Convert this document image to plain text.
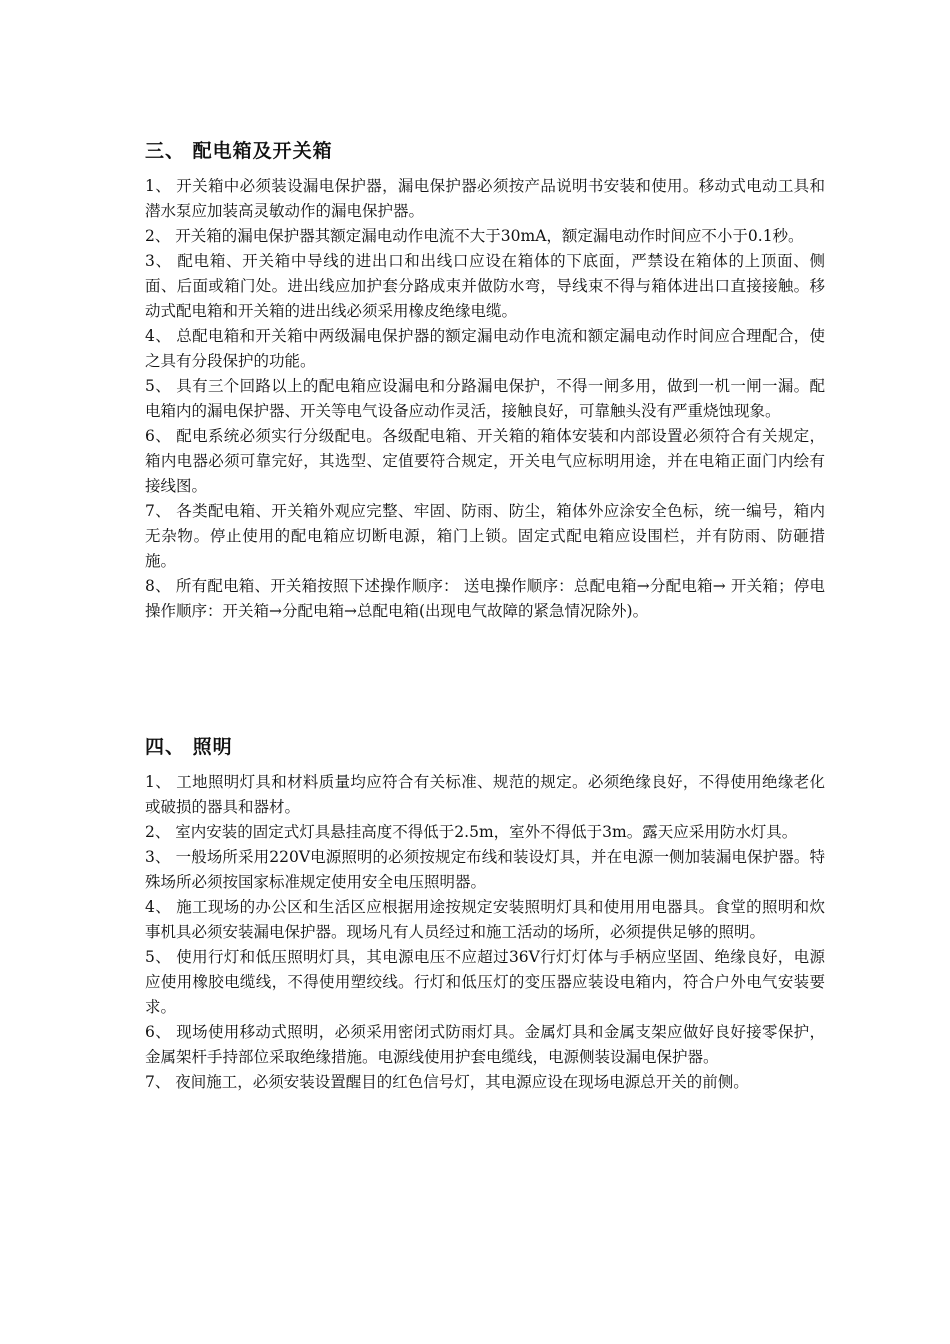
三、 配电箱及开关箱

1、 开关箱中必须装设漏电保护器，漏电保护器必须按产品说明书安装和使用。移动式电动工具和潜水泵应加装高灵敏动作的漏电保护器。

2、 开关箱的漏电保护器其额定漏电动作电流不大于30mA，额定漏电动作时间应不小于0.1秒。

3、 配电箱、开关箱中导线的进出口和出线口应设在箱体的下底面，严禁设在箱体的上顶面、侧面、后面或箱门处。进出线应加护套分路成束并做防水弯，导线束不得与箱体进出口直接接触。移动式配电箱和开关箱的进出线必须采用橡皮绝缘电缆。

4、 总配电箱和开关箱中两级漏电保护器的额定漏电动作电流和额定漏电动作时间应合理配合，使之具有分段保护的功能。

5、 具有三个回路以上的配电箱应设漏电和分路漏电保护，不得一闸多用，做到一机一闸一漏。配电箱内的漏电保护器、开关等电气设备应动作灵活，接触良好，可靠触头没有严重烧蚀现象。

6、 配电系统必须实行分级配电。各级配电箱、开关箱的箱体安装和内部设置必须符合有关规定，箱内电器必须可靠完好，其选型、定值要符合规定，开关电气应标明用途，并在电箱正面门内绘有接线图。

7、 各类配电箱、开关箱外观应完整、牢固、防雨、防尘，箱体外应涂安全色标，统一编号，箱内无杂物。停止使用的配电箱应切断电源，箱门上锁。固定式配电箱应设围栏，并有防雨、防砸措施。

8、 所有配电箱、开关箱按照下述操作顺序： 送电操作顺序：总配电箱→分配电箱→ 开关箱；停电操作顺序：开关箱→分配电箱→总配电箱(出现电气故障的紧急情况除外)。

四、 照明

1、 工地照明灯具和材料质量均应符合有关标准、规范的规定。必须绝缘良好，不得使用绝缘老化或破损的器具和器材。

2、 室内安装的固定式灯具悬挂高度不得低于2.5m，室外不得低于3m。露天应采用防水灯具。

3、 一般场所采用220V电源照明的必须按规定布线和装设灯具，并在电源一侧加装漏电保护器。特殊场所必须按国家标准规定使用安全电压照明器。

4、 施工现场的办公区和生活区应根据用途按规定安装照明灯具和使用用电器具。食堂的照明和炊事机具必须安装漏电保护器。现场凡有人员经过和施工活动的场所，必须提供足够的照明。

5、 使用行灯和低压照明灯具，其电源电压不应超过36V行灯灯体与手柄应坚固、绝缘良好，电源应使用橡胶电缆线，不得使用塑绞线。行灯和低压灯的变压器应装设电箱内，符合户外电气安装要求。

6、 现场使用移动式照明，必须采用密闭式防雨灯具。金属灯具和金属支架应做好良好接零保护，金属架杆手持部位采取绝缘措施。电源线使用护套电缆线，电源侧装设漏电保护器。

7、 夜间施工，必须安装设置醒目的红色信号灯，其电源应设在现场电源总开关的前侧。
